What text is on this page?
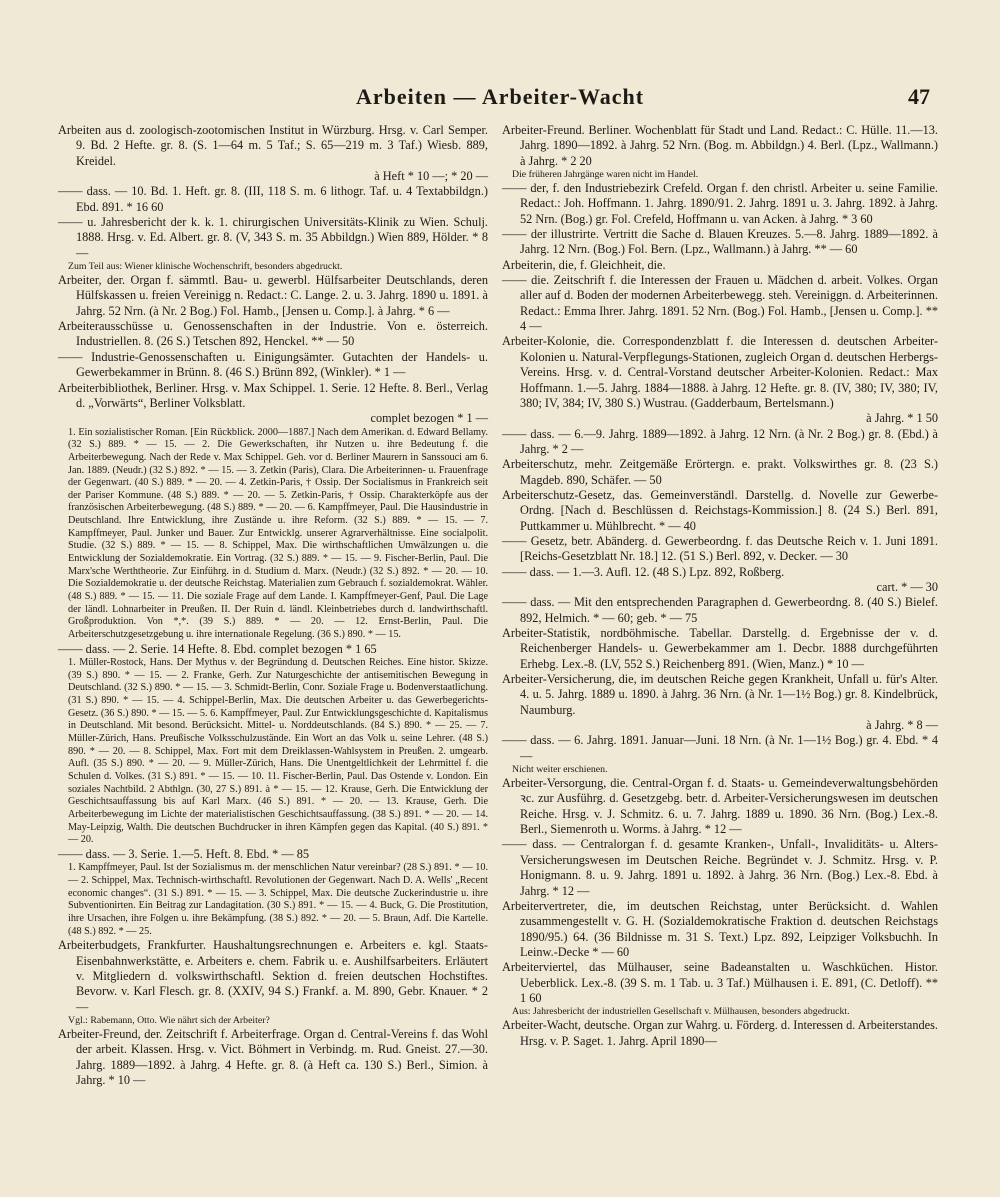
Arbeiten — Arbeiter-Wacht	47

Arbeiten aus d. zoologisch-zootomischen Institut in Würzburg. Hrsg. v. Carl Semper. 9. Bd. 2 Hefte. gr. 8. (S. 1—64 m. 5 Taf.; S. 65—219 m. 3 Taf.) Wiesb. 889, Kreidel.

à Heft * 10 —; * 20 —

—— dass. — 10. Bd. 1. Heft. gr. 8. (III, 118 S. m. 6 lithogr. Taf. u. 4 Textabbildgn.) Ebd. 891. * 16 60

—— u. Jahresbericht der k. k. 1. chirurgischen Universitäts-Klinik zu Wien. Schulj. 1888. Hrsg. v. Ed. Albert. gr. 8. (V, 343 S. m. 35 Abbildgn.) Wien 889, Hölder. * 8 —

Zum Teil aus: Wiener klinische Wochenschrift, besonders abgedruckt.

Arbeiter, der. Organ f. sämmtl. Bau- u. gewerbl. Hülfsarbeiter Deutschlands, deren Hülfskassen u. freien Vereinigg n. Redact.: C. Lange. 2. u. 3. Jahrg. 1890 u. 1891. à Jahrg. 52 Nrn. (à Nr. 2 Bog.) Fol. Hamb., [Jensen u. Comp.]. à Jahrg. * 6 —

Arbeiterausschüsse u. Genossenschaften in der Industrie. Von e. österreich. Industriellen. 8. (26 S.) Tetschen 892, Henckel. ** — 50

—— Industrie-Genossenschaften u. Einigungsämter. Gutachten der Handels- u. Gewerbekammer in Brünn. 8. (46 S.) Brünn 892, (Winkler). * 1 —

Arbeiterbibliothek, Berliner. Hrsg. v. Max Schippel. 1. Serie. 12 Hefte. 8. Berl., Verlag d. „Vorwärts“, Berliner Volksblatt.

complet bezogen * 1 —

1. Ein sozialistischer Roman. [Ein Rückblick. 2000—1887.] Nach dem Amerikan. d. Edward Bellamy. (32 S.) 889. * — 15. — 2. Die Gewerkschaften, ihr Nutzen u. ihre Bedeutung f. die Arbeiterbewegung. Nach der Rede v. Max Schippel. Geh. vor d. Berliner Maurern in Sanssouci am 6. Jan. 1889. (Neudr.) (32 S.) 892. * — 15. — 3. Zetkin (Paris), Clara. Die Arbeiterinnen- u. Frauenfrage der Gegenwart. (40 S.) 889. * — 20. — 4. Zetkin-Paris, † Ossip. Der Socialismus in Frankreich seit der Pariser Kommune. (48 S.) 889. * — 20. — 5. Zetkin-Paris, † Ossip. Charakterköpfe aus der französischen Arbeiterbewegung. (48 S.) 889. * — 20. — 6. Kampffmeyer, Paul. Die Hausindustrie in Deutschland. Ihre Entwicklung, ihre Zustände u. ihre Reform. (32 S.) 889. * — 15. — 7. Kampffmeyer, Paul. Junker und Bauer. Zur Entwicklg. unserer Agrarverhältnisse. Eine socialpolit. Studie. (32 S.) 889. * — 15. — 8. Schippel, Max. Die wirthschaftlichen Umwälzungen u. die Entwicklung der Sozialdemokratie. Ein Vortrag. (32 S.) 889. * — 15. — 9. Fischer-Berlin, Paul. Die Marx'sche Werththeorie. Zur Einführg. in d. Studium d. Marx. (Neudr.) (32 S.) 892. * — 20. — 10. Die Sozialdemokratie u. der deutsche Reichstag. Materialien zum Gebrauch f. sozialdemokrat. Wähler. (48 S.) 889. * — 15. — 11. Die soziale Frage auf dem Lande. I. Kampffmeyer-Genf, Paul. Die Lage der ländl. Lohnarbeiter in Preußen. II. Der Ruin d. ländl. Kleinbetriebes durch d. landwirthschaftl. Großproduktion. Von *,*. (39 S.) 889. * — 20. — 12. Ernst-Berlin, Paul. Die Arbeiterschutzgesetzgebung u. ihre internationale Regelung. (36 S.) 890. * — 15.

—— dass. — 2. Serie. 14 Hefte. 8. Ebd. complet bezogen * 1 65

1. Müller-Rostock, Hans. Der Mythus v. der Begründung d. Deutschen Reiches. Eine histor. Skizze. (39 S.) 890. * — 15. — 2. Franke, Gerh. Zur Naturgeschichte der antisemitischen Bewegung in Deutschland. (32 S.) 890. * — 15. — 3. Schmidt-Berlin, Conr. Soziale Frage u. Bodenverstaatlichung. (31 S.) 890. * — 15. — 4. Schippel-Berlin, Max. Die deutschen Arbeiter u. das Gewerbegerichts-Gesetz. (36 S.) 890. * — 15. — 5. 6. Kampffmeyer, Paul. Zur Entwicklungsgeschichte d. Kapitalismus in Deutschland. Mit besond. Berücksicht. Mittel- u. Norddeutschlands. (84 S.) 890. * — 25. — 7. Müller-Zürich, Hans. Preußische Volksschulzustände. Ein Wort an das Volk u. seine Lehrer. (48 S.) 890. * — 20. — 8. Schippel, Max. Fort mit dem Dreiklassen-Wahlsystem in Preußen. 2. umgearb. Aufl. (35 S.) 890. * — 20. — 9. Müller-Zürich, Hans. Die Unentgeltlichkeit der Lehrmittel f. die Schulen d. Volkes. (31 S.) 891. * — 15. — 10. 11. Fischer-Berlin, Paul. Das Ostende v. London. Ein soziales Nachtbild. 2 Abthlgn. (30, 27 S.) 891. à * — 15. — 12. Krause, Gerh. Die Entwicklung der Geschichtsauffassung bis auf Karl Marx. (46 S.) 891. * — 20. — 13. Krause, Gerh. Die Arbeiterbewegung im Lichte der materialistischen Geschichtsauffassung. (38 S.) 891. * — 20. — 14. May-Leipzig, Walth. Die deutschen Buchdrucker in ihren Kämpfen gegen das Kapital. (40 S.) 891. * — 20.

—— dass. — 3. Serie. 1.—5. Heft. 8. Ebd. * — 85

1. Kampffmeyer, Paul. Ist der Sozialismus m. der menschlichen Natur vereinbar? (28 S.) 891. * — 10. — 2. Schippel, Max. Technisch-wirthschaftl. Revolutionen der Gegenwart. Nach D. A. Wells' „Recent economic changes“. (31 S.) 891. * — 15. — 3. Schippel, Max. Die deutsche Zuckerindustrie u. ihre Subventionirten. Ein Beitrag zur Landagitation. (30 S.) 891. * — 15. — 4. Buck, G. Die Prostitution, ihre Ursachen, ihre Folgen u. ihre Bekämpfung. (38 S.) 892. * — 20. — 5. Braun, Adf. Die Kartelle. (48 S.) 892. * — 25.

Arbeiterbudgets, Frankfurter. Haushaltungsrechnungen e. Arbeiters e. kgl. Staats-Eisenbahnwerkstätte, e. Arbeiters e. chem. Fabrik u. e. Aushilfsarbeiters. Erläutert v. Mitgliedern d. volkswirthschaftl. Sektion d. freien deutschen Hochstiftes. Bevorw. v. Karl Flesch. gr. 8. (XXIV, 94 S.) Frankf. a. M. 890, Gebr. Knauer. * 2 —

Vgl.: Rabemann, Otto. Wie nährt sich der Arbeiter?

Arbeiter-Freund, der. Zeitschrift f. Arbeiterfrage. Organ d. Central-Vereins f. das Wohl der arbeit. Klassen. Hrsg. v. Vict. Böhmert in Verbindg. m. Rud. Gneist. 27.—30. Jahrg. 1889—1892. à Jahrg. 4 Hefte. gr. 8. (à Heft ca. 130 S.) Berl., Simion. à Jahrg. * 10 —

Arbeiter-Freund. Berliner. Wochenblatt für Stadt und Land. Redact.: C. Hülle. 11.—13. Jahrg. 1890—1892. à Jahrg. 52 Nrn. (Bog. m. Abbildgn.) 4. Berl. (Lpz., Wallmann.) à Jahrg. * 2 20

Die früheren Jahrgänge waren nicht im Handel.

—— der, f. den Industriebezirk Crefeld. Organ f. den christl. Arbeiter u. seine Familie. Redact.: Joh. Hoffmann. 1. Jahrg. 1890/91. 2. Jahrg. 1891 u. 3. Jahrg. 1892. à Jahrg. 52 Nrn. (Bog.) gr. Fol. Crefeld, Hoffmann u. van Acken. à Jahrg. * 3 60

—— der illustrirte. Vertritt die Sache d. Blauen Kreuzes. 5.—8. Jahrg. 1889—1892. à Jahrg. 12 Nrn. (Bog.) Fol. Bern. (Lpz., Wallmann.) à Jahrg. ** — 60

Arbeiterin, die, f. Gleichheit, die.

—— die. Zeitschrift f. die Interessen der Frauen u. Mädchen d. arbeit. Volkes. Organ aller auf d. Boden der modernen Arbeiterbewegg. steh. Vereiniggn. d. Arbeiterinnen. Redact.: Emma Ihrer. Jahrg. 1891. 52 Nrn. (Bog.) Fol. Hamb., [Jensen u. Comp.]. ** 4 —

Arbeiter-Kolonie, die. Correspondenzblatt f. die Interessen d. deutschen Arbeiter-Kolonien u. Natural-Verpflegungs-Stationen, zugleich Organ d. deutschen Herbergs-Vereins. Hrsg. v. d. Central-Vorstand deutscher Arbeiter-Kolonien. Redact.: Max Hoffmann. 1.—5. Jahrg. 1884—1888. à Jahrg. 12 Hefte. gr. 8. (IV, 380; IV, 380; IV, 380; IV, 384; IV, 380 S.) Wustrau. (Gadderbaum, Bertelsmann.)

à Jahrg. * 1 50

—— dass. — 6.—9. Jahrg. 1889—1892. à Jahrg. 12 Nrn. (à Nr. 2 Bog.) gr. 8. (Ebd.) à Jahrg. * 2 —

Arbeiterschutz, mehr. Zeitgemäße Erörtergn. e. prakt. Volkswirthes gr. 8. (23 S.) Magdeb. 890, Schäfer. — 50

Arbeiterschutz-Gesetz, das. Gemeinverständl. Darstellg. d. Novelle zur Gewerbe-Ordng. [Nach d. Beschlüssen d. Reichstags-Kommission.] 8. (24 S.) Berl. 891, Puttkammer u. Mühlbrecht. * — 40

—— Gesetz, betr. Abänderg. d. Gewerbeordng. f. das Deutsche Reich v. 1. Juni 1891. [Reichs-Gesetzblatt Nr. 18.] 12. (51 S.) Berl. 892, v. Decker. — 30

—— dass. — 1.—3. Aufl. 12. (48 S.) Lpz. 892, Roßberg.

cart. * — 30

—— dass. — Mit den entsprechenden Paragraphen d. Gewerbeordng. 8. (40 S.) Bielef. 892, Helmich. * — 60; geb. * — 75

Arbeiter-Statistik, nordböhmische. Tabellar. Darstellg. d. Ergebnisse der v. d. Reichenberger Handels- u. Gewerbekammer am 1. Decbr. 1888 durchgeführten Erhebg. Lex.-8. (LV, 552 S.) Reichenberg 891. (Wien, Manz.) * 10 —

Arbeiter-Versicherung, die, im deutschen Reiche gegen Krankheit, Unfall u. für's Alter. 4. u. 5. Jahrg. 1889 u. 1890. à Jahrg. 36 Nrn. (à Nr. 1—1½ Bog.) gr. 8. Kindelbrück, Naumburg.

à Jahrg. * 8 —

—— dass. — 6. Jahrg. 1891. Januar—Juni. 18 Nrn. (à Nr. 1—1½ Bog.) gr. 4. Ebd. * 4 —

Nicht weiter erschienen.

Arbeiter-Versorgung, die. Central-Organ f. d. Staats- u. Gemeindeverwaltungsbehörden ꝛc. zur Ausführg. d. Gesetzgebg. betr. d. Arbeiter-Versicherungswesen im deutschen Reiche. Hrsg. v. J. Schmitz. 6. u. 7. Jahrg. 1889 u. 1890. 36 Nrn. (Bog.) Lex.-8. Berl., Siemenroth u. Worms. à Jahrg. * 12 —

—— dass. — Centralorgan f. d. gesamte Kranken-, Unfall-, Invaliditäts- u. Alters-Versicherungswesen im Deutschen Reiche. Begründet v. J. Schmitz. Hrsg. v. P. Honigmann. 8. u. 9. Jahrg. 1891 u. 1892. à Jahrg. 36 Nrn. (Bog.) Lex.-8. Ebd. à Jahrg. * 12 —

Arbeitervertreter, die, im deutschen Reichstag, unter Berücksicht. d. Wahlen zusammengestellt v. G. H. (Sozialdemokratische Fraktion d. deutschen Reichstags 1890/95.) 64. (36 Bildnisse m. 31 S. Text.) Lpz. 892, Leipziger Volksbuchh. In Leinw.-Decke * — 60

Arbeiterviertel, das Mülhauser, seine Badeanstalten u. Waschküchen. Histor. Ueberblick. Lex.-8. (39 S. m. 1 Tab. u. 3 Taf.) Mülhausen i. E. 891, (C. Detloff). ** 1 60

Aus: Jahresbericht der industriellen Gesellschaft v. Mülhausen, besonders abgedruckt.

Arbeiter-Wacht, deutsche. Organ zur Wahrg. u. Förderg. d. Interessen d. Arbeiterstandes. Hrsg. v. P. Saget. 1. Jahrg. April 1890—
